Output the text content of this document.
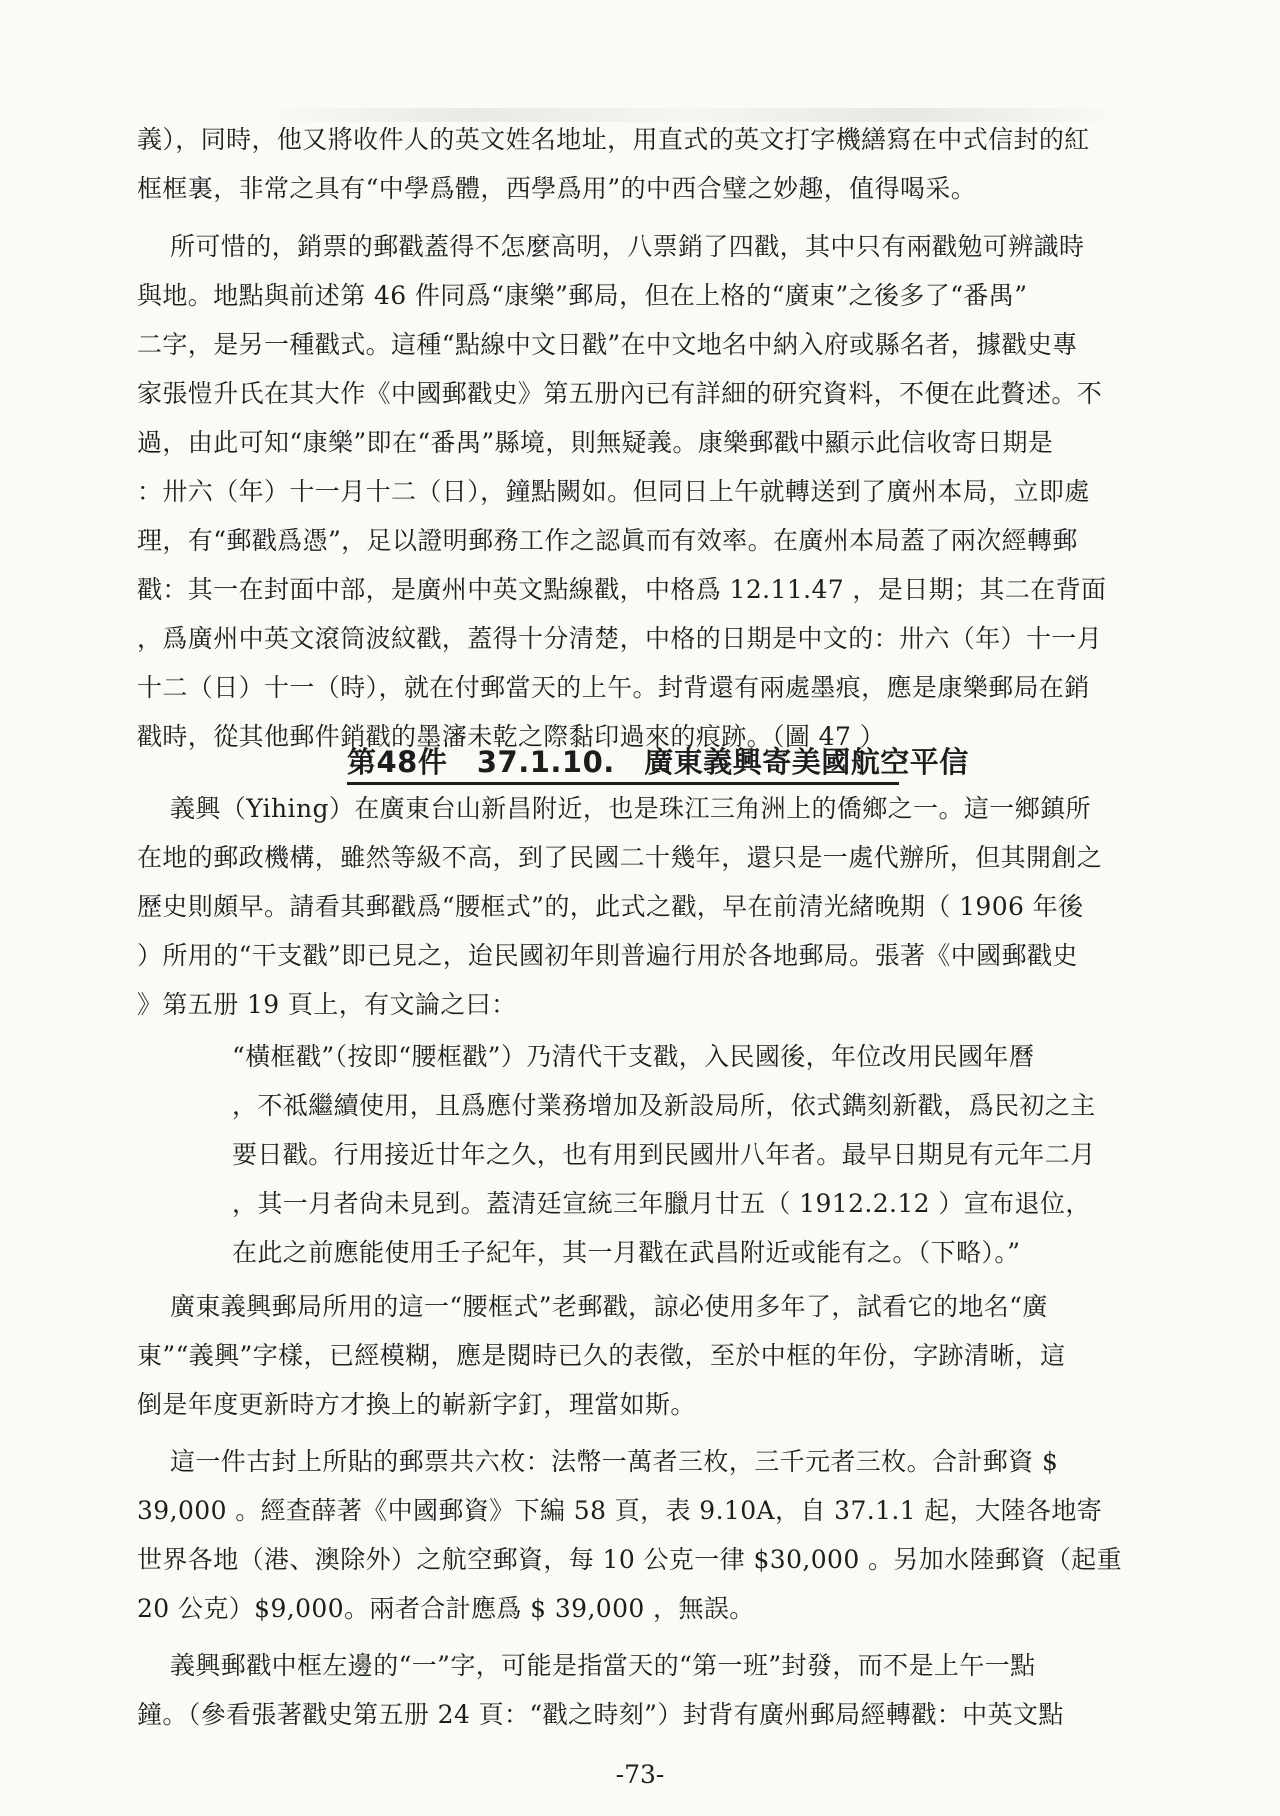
義），同時，他又將收件人的英文姓名地址，用直式的英文打字機繕寫在中式信封的紅
框框裏，非常之具有“中學爲體，西學爲用”的中西合璧之妙趣，值得喝采。
所可惜的，銷票的郵戳蓋得不怎麼高明，八票銷了四戳，其中只有兩戳勉可辨識時
與地。地點與前述第 46 件同爲“康樂”郵局，但在上格的“廣東”之後多了“番禺”
二字，是另一種戳式。這種“點線中文日戳”在中文地名中納入府或縣名者，據戳史專
家張愷升氏在其大作《中國郵戳史》第五册內已有詳細的研究資料，不便在此贅述。不
過，由此可知“康樂”即在“番禺”縣境，則無疑義。康樂郵戳中顯示此信收寄日期是
：卅六（年）十一月十二（日），鐘點闕如。但同日上午就轉送到了廣州本局，立即處
理，有“郵戳爲憑”，足以證明郵務工作之認眞而有效率。在廣州本局蓋了兩次經轉郵
戳：其一在封面中部，是廣州中英文點線戳，中格爲 12.11.47 ，是日期；其二在背面
，爲廣州中英文滾筒波紋戳，蓋得十分清楚，中格的日期是中文的：卅六（年）十一月
十二（日）十一（時），就在付郵當天的上午。封背還有兩處墨痕，應是康樂郵局在銷
戳時，從其他郵件銷戳的墨瀋未乾之際黏印過來的痕跡。（圖 47 ）
第48件　37.1.10.　廣東義興寄美國航空平信
義興（Yihing）在廣東台山新昌附近，也是珠江三角洲上的僑鄉之一。這一鄉鎮所
在地的郵政機構，雖然等級不高，到了民國二十幾年，還只是一處代辦所，但其開創之
歷史則頗早。請看其郵戳爲“腰框式”的，此式之戳，早在前清光緒晚期（ 1906 年後
）所用的“干支戳”即已見之，迨民國初年則普遍行用於各地郵局。張著《中國郵戳史
》第五册 19 頁上，有文論之曰：
“橫框戳”（按即“腰框戳”）乃清代干支戳，入民國後，年位改用民國年曆
，不祗繼續使用，且爲應付業務增加及新設局所，依式鐫刻新戳，爲民初之主
要日戳。行用接近廿年之久，也有用到民國卅八年者。最早日期見有元年二月
，其一月者尙未見到。蓋清廷宣統三年臘月廿五（ 1912.2.12 ）宣布退位，
在此之前應能使用壬子紀年，其一月戳在武昌附近或能有之。（下略）。”
廣東義興郵局所用的這一“腰框式”老郵戳，諒必使用多年了，試看它的地名“廣
東”“義興”字樣，已經模糊，應是閱時已久的表徵，至於中框的年份，字跡清晰，這
倒是年度更新時方才換上的嶄新字釘，理當如斯。
這一件古封上所貼的郵票共六枚：法幣一萬者三枚，三千元者三枚。合計郵資 $
39,000 。經查薛著《中國郵資》下編 58 頁，表 9.10A，自 37.1.1 起，大陸各地寄
世界各地（港、澳除外）之航空郵資，每 10 公克一律 $30,000 。另加水陸郵資（起重
20 公克）$9,000。兩者合計應爲 $ 39,000 ，無誤。
義興郵戳中框左邊的“一”字，可能是指當天的“第一班”封發，而不是上午一點
鐘。（參看張著戳史第五册 24 頁：“戳之時刻”）封背有廣州郵局經轉戳：中英文點
-73-
